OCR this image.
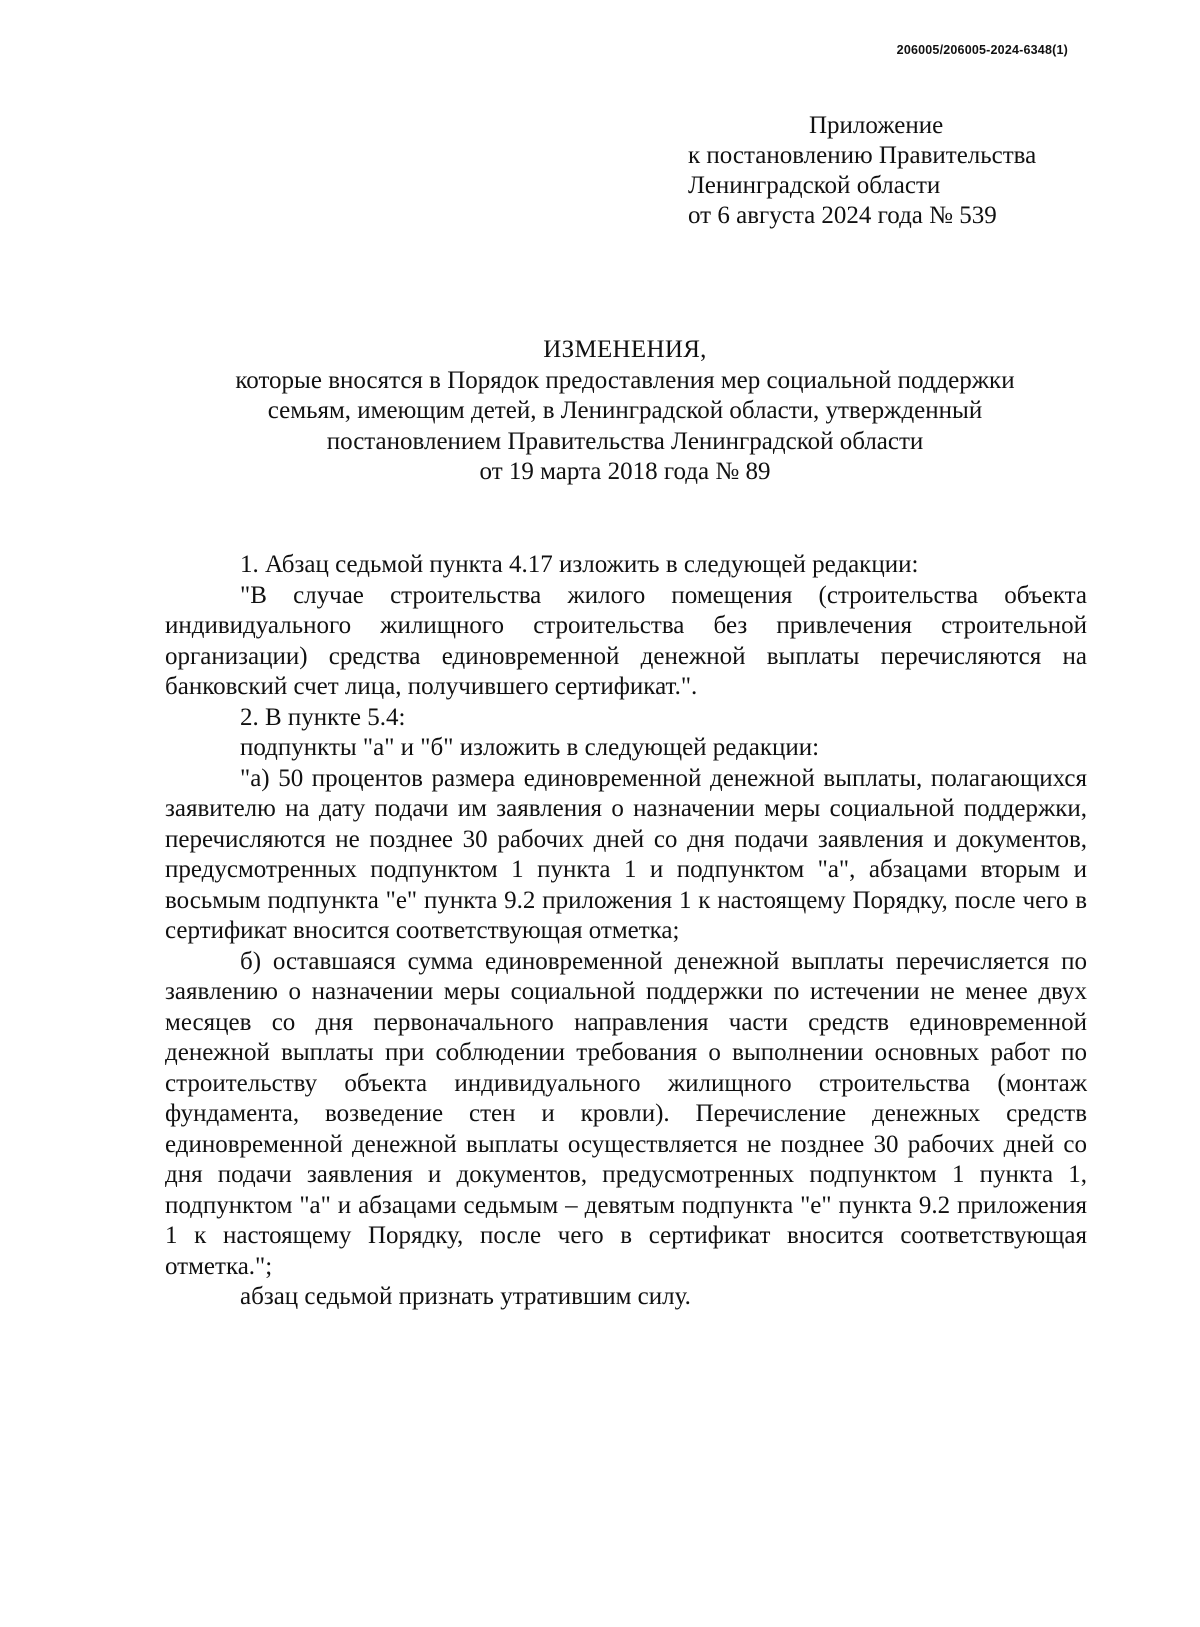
206005/206005-2024-6348(1)
Приложение
к постановлению Правительства
Ленинградской области
от 6 августа 2024 года № 539
ИЗМЕНЕНИЯ,
которые вносятся в Порядок предоставления мер социальной поддержки
семьям, имеющим детей, в Ленинградской области, утвержденный
постановлением Правительства Ленинградской области
от 19 марта 2018 года № 89

1. Абзац седьмой пункта 4.17 изложить в следующей редакции:

"В случае строительства жилого помещения (строительства объекта индивидуального жилищного строительства без привлечения строительной организации) средства единовременной денежной выплаты перечисляются на банковский счет лица, получившего сертификат.".

2. В пункте 5.4:

подпункты "а" и "б" изложить в следующей редакции:

"а) 50 процентов размера единовременной денежной выплаты, полагающихся заявителю на дату подачи им заявления о назначении меры социальной поддержки, перечисляются не позднее 30 рабочих дней со дня подачи заявления и документов, предусмотренных подпунктом 1 пункта 1 и подпунктом "а", абзацами вторым и восьмым подпункта "е" пункта 9.2 приложения 1 к настоящему Порядку, после чего в сертификат вносится соответствующая отметка;

б) оставшаяся сумма единовременной денежной выплаты перечисляется по заявлению о назначении меры социальной поддержки по истечении не менее двух месяцев со дня первоначального направления части средств единовременной денежной выплаты при соблюдении требования о выполнении основных работ по строительству объекта индивидуального жилищного строительства (монтаж фундамента, возведение стен и кровли). Перечисление денежных средств единовременной денежной выплаты осуществляется не позднее 30 рабочих дней со дня подачи заявления и документов, предусмотренных подпунктом 1 пункта 1, подпунктом "а" и абзацами седьмым – девятым подпункта "е" пункта 9.2 приложения 1 к настоящему Порядку, после чего в сертификат вносится соответствующая отметка.";

абзац седьмой признать утратившим силу.
